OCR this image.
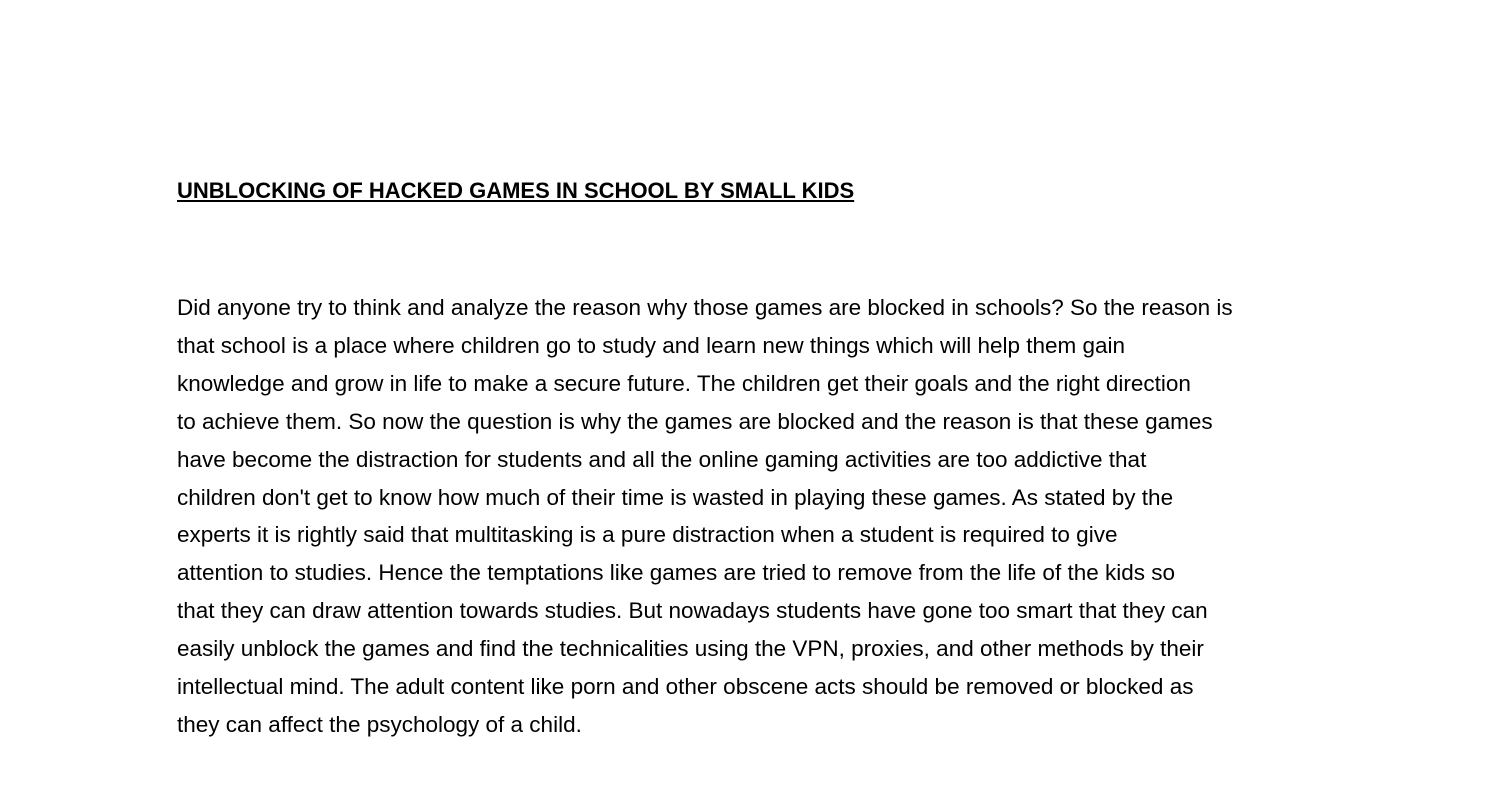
UNBLOCKING OF HACKED GAMES IN SCHOOL BY SMALL KIDS
Did anyone try to think and analyze the reason why those games are blocked in schools? So the reason is
that school is a place where children go to study and learn new things which will help them gain
knowledge and grow in life to make a secure future. The children get their goals and the right direction
to achieve them. So now the question is why the games are blocked and the reason is that these games
have become the distraction for students and all the online gaming activities are too addictive that
children don't get to know how much of their time is wasted in playing these games. As stated by the
experts it is rightly said that multitasking is a pure distraction when a student is required to give
attention to studies. Hence the temptations like games are tried to remove from the life of the kids so
that they can draw attention towards studies. But nowadays students have gone too smart that they can
easily unblock the games and find the technicalities using the VPN, proxies, and other methods by their
intellectual mind. The adult content like porn and other obscene acts should be removed or blocked as
they can affect the psychology of a child.
